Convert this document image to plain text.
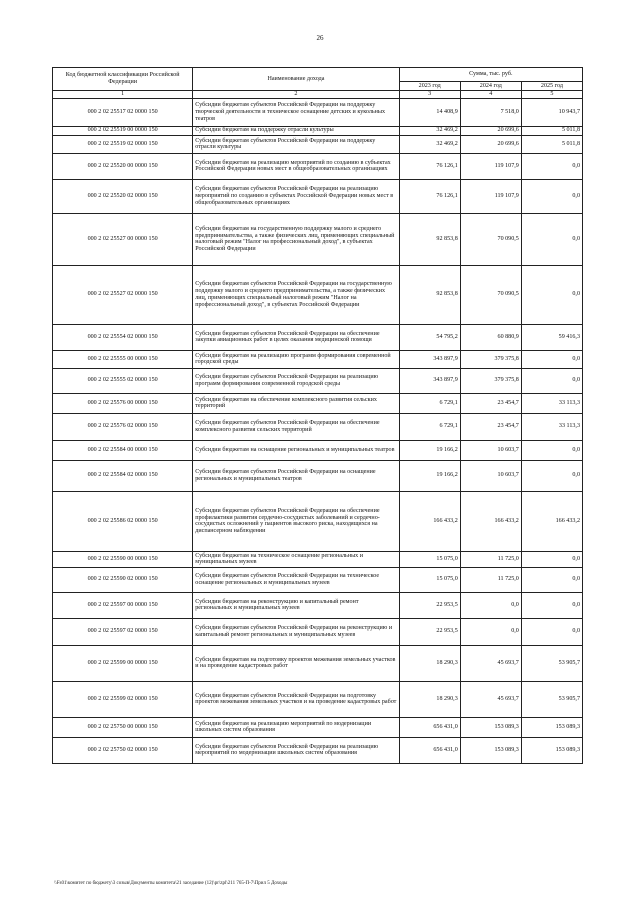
26
Код бюджетной классификации Российской Федерации	Наименование дохода	Сумма, тыс. руб.		
		2023 год	2024 год	2025 год
1	2	3	4	5
000 2 02 25517 02 0000 150	Субсидии бюджетам субъектов Российской Федерации на поддержку творческой деятельности и техническое оснащение детских и кукольных театров	14 408,9	7 518,0	10 943,7
000 2 02 25519 00 0000 150	Субсидии бюджетам на поддержку отрасли культуры	32 469,2	20 699,6	5 011,8
000 2 02 25519 02 0000 150	Субсидии бюджетам субъектов Российской Федерации на поддержку отрасли культуры	32 469,2	20 699,6	5 011,8
000 2 02 25520 00 0000 150	Субсидии бюджетам на реализацию мероприятий по созданию в субъектах Российской Федерации новых мест в общеобразовательных организациях	76 126,1	119 107,9	0,0
000 2 02 25520 02 0000 150	Субсидии бюджетам субъектов Российской Федерации на реализацию мероприятий по созданию в субъектах Российской Федерации новых мест в общеобразовательных организациях	76 126,1	119 107,9	0,0
000 2 02 25527 00 0000 150	Субсидии бюджетам на государственную поддержку малого и среднего предпринимательства, а также физических лиц, применяющих специальный налоговый режим "Налог на профессиональный доход", в субъектах Российской Федерации	92 853,8	70 090,5	0,0
000 2 02 25527 02 0000 150	Субсидии бюджетам субъектов Российской Федерации на государственную поддержку малого и среднего предпринимательства, а также физических лиц, применяющих специальный налоговый режим "Налог на профессиональный доход", в субъектах Российской Федерации	92 853,8	70 090,5	0,0
000 2 02 25554 02 0000 150	Субсидии бюджетам субъектов Российской Федерации на обеспечение закупки авиационных работ в целях оказания медицинской помощи	54 795,2	60 880,9	59 416,3
000 2 02 25555 00 0000 150	Субсидии бюджетам на реализацию программ формирования современной городской среды	343 897,9	379 375,8	0,0
000 2 02 25555 02 0000 150	Субсидии бюджетам субъектов Российской Федерации на реализацию программ формирования современной городской среды	343 897,9	379 375,8	0,0
000 2 02 25576 00 0000 150	Субсидии бюджетам на обеспечение комплексного развития сельских территорий	6 729,1	23 454,7	33 113,3
000 2 02 25576 02 0000 150	Субсидии бюджетам субъектов Российской Федерации на обеспечение комплексного развития сельских территорий	6 729,1	23 454,7	33 113,3
000 2 02 25584 00 0000 150	Субсидии бюджетам на оснащение региональных и муниципальных театров	19 166,2	10 603,7	0,0
000 2 02 25584 02 0000 150	Субсидии бюджетам субъектов Российской Федерации на оснащение региональных и муниципальных театров	19 166,2	10 603,7	0,0
000 2 02 25586 02 0000 150	Субсидии бюджетам субъектов Российской Федерации на обеспечение профилактики развития сердечно-сосудистых заболеваний и сердечно-сосудистых осложнений у пациентов высокого риска, находящихся на диспансерном наблюдении	166 433,2	166 433,2	166 433,2
000 2 02 25590 00 0000 150	Субсидии бюджетам на техническое оснащение региональных и муниципальных музеев	15 075,0	11 725,0	0,0
000 2 02 25590 02 0000 150	Субсидии бюджетам субъектов Российской Федерации на техническое оснащение региональных и муниципальных музеев	15 075,0	11 725,0	0,0
000 2 02 25597 00 0000 150	Субсидии бюджетам на реконструкцию и капитальный ремонт региональных и муниципальных музеев	22 953,5	0,0	0,0
000 2 02 25597 02 0000 150	Субсидии бюджетам субъектов Российской Федерации на реконструкцию и капитальный ремонт региональных и муниципальных музеев	22 953,5	0,0	0,0
000 2 02 25599 00 0000 150	Субсидии бюджетам на подготовку проектов межевания земельных участков и на проведение кадастровых работ	18 290,3	45 693,7	53 905,7
000 2 02 25599 02 0000 150	Субсидии бюджетам субъектов Российской Федерации на подготовку проектов межевания земельных участков и на проведение кадастровых работ	18 290,3	45 693,7	53 905,7
000 2 02 25750 00 0000 150	Субсидии бюджетам на реализацию мероприятий по модернизации школьных систем образования	656 431,0	153 089,3	153 089,3
000 2 02 25750 02 0000 150	Субсидии бюджетам субъектов Российской Федерации на реализацию мероприятий по модернизации школьных систем образования	656 431,0	153 089,3	153 089,3
\\Fs01\комитет по бюджету\3 созыв\Документы комитета\21 заседание (12)\pr\zpl\211 765-П-7\Прил 5 Доходы
